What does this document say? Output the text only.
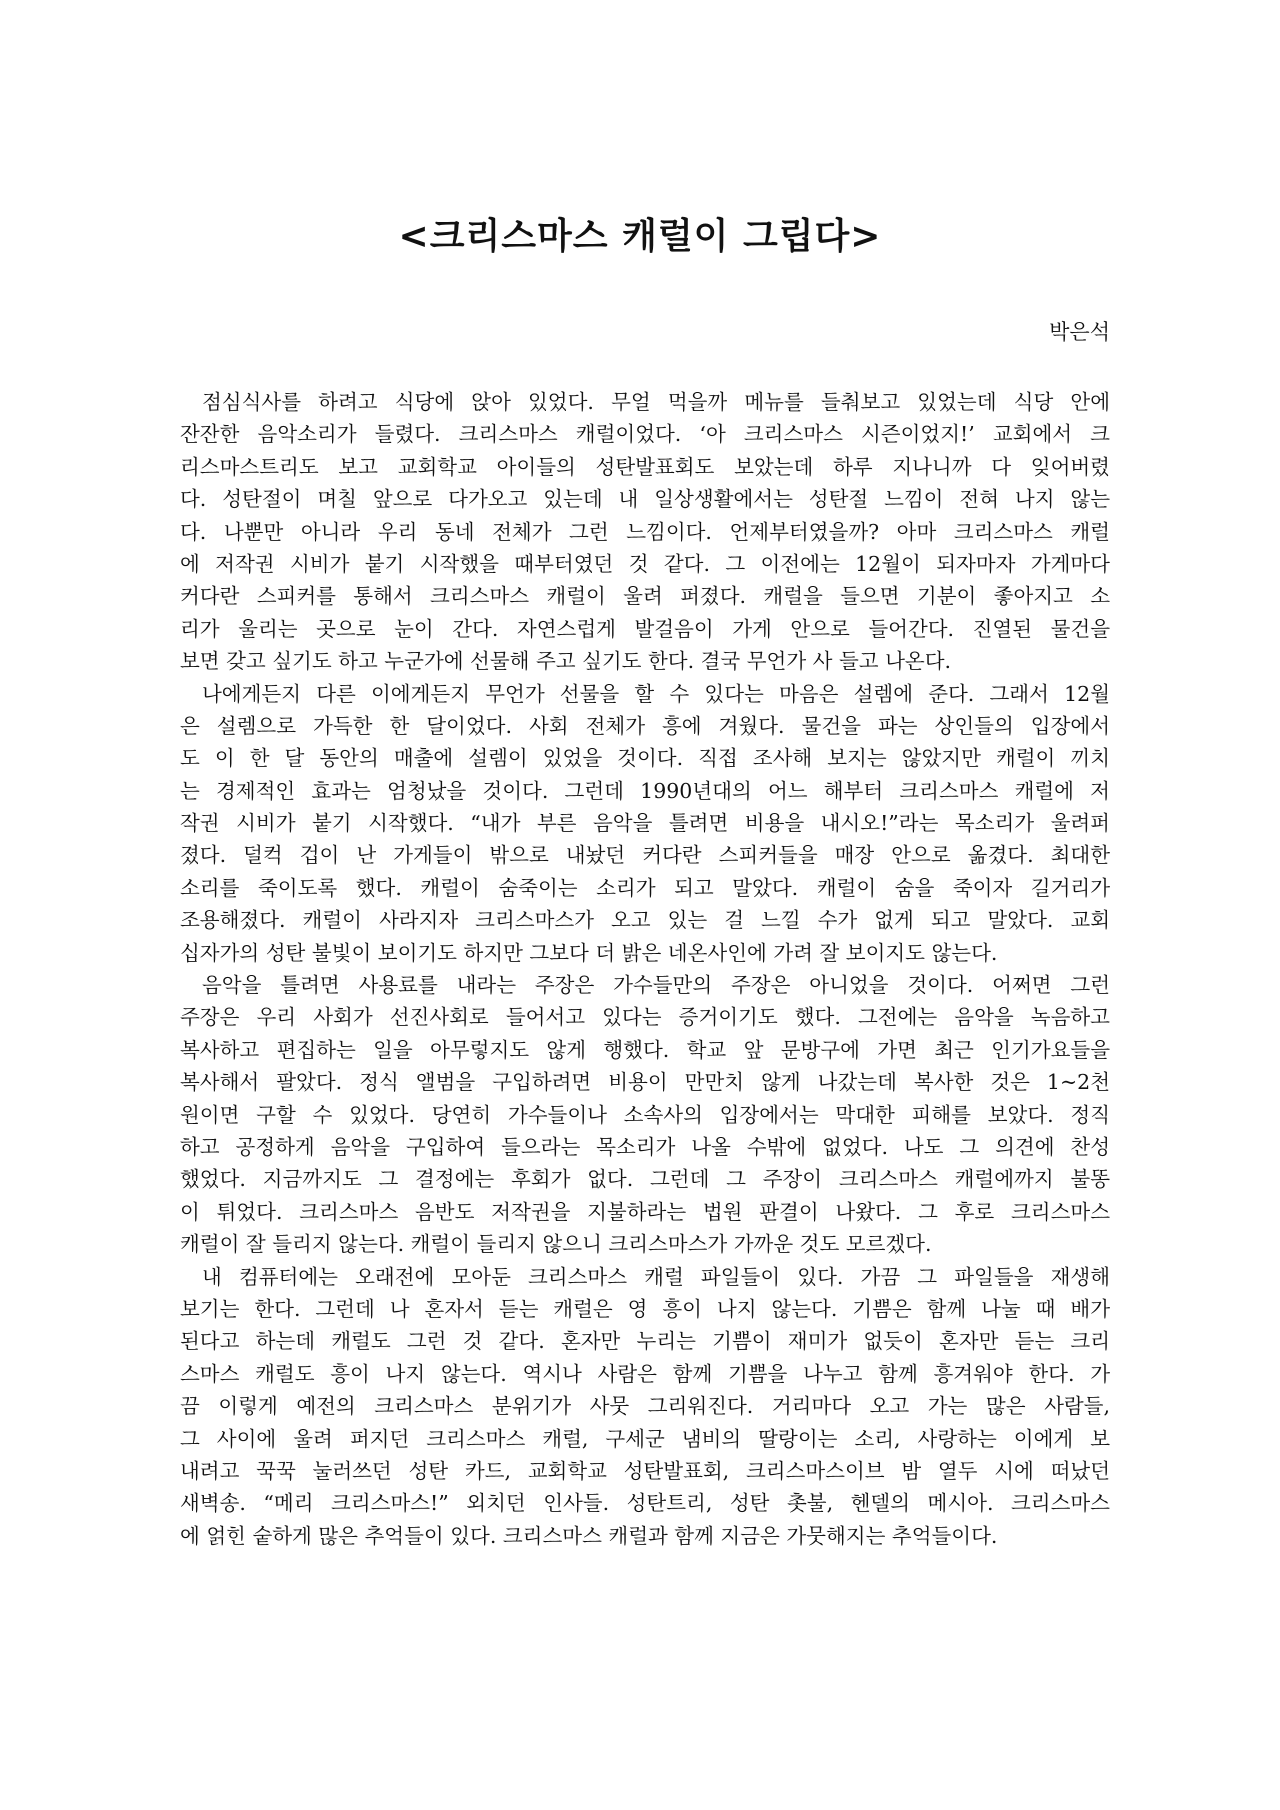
<크리스마스 캐럴이 그립다>
박은석
점심식사를 하려고 식당에 앉아 있었다. 무얼 먹을까 메뉴를 들춰보고 있었는데 식당 안에
잔잔한 음악소리가 들렸다. 크리스마스 캐럴이었다. ‘아 크리스마스 시즌이었지!’ 교회에서 크
리스마스트리도 보고 교회학교 아이들의 성탄발표회도 보았는데 하루 지나니까 다 잊어버렸
다. 성탄절이 며칠 앞으로 다가오고 있는데 내 일상생활에서는 성탄절 느낌이 전혀 나지 않는
다. 나뿐만 아니라 우리 동네 전체가 그런 느낌이다. 언제부터였을까? 아마 크리스마스 캐럴
에 저작권 시비가 붙기 시작했을 때부터였던 것 같다. 그 이전에는 12월이 되자마자 가게마다
커다란 스피커를 통해서 크리스마스 캐럴이 울려 퍼졌다. 캐럴을 들으면 기분이 좋아지고 소
리가 울리는 곳으로 눈이 간다. 자연스럽게 발걸음이 가게 안으로 들어간다. 진열된 물건을
보면 갖고 싶기도 하고 누군가에 선물해 주고 싶기도 한다. 결국 무언가 사 들고 나온다.
나에게든지 다른 이에게든지 무언가 선물을 할 수 있다는 마음은 설렘에 준다. 그래서 12월
은 설렘으로 가득한 한 달이었다. 사회 전체가 흥에 겨웠다. 물건을 파는 상인들의 입장에서
도 이 한 달 동안의 매출에 설렘이 있었을 것이다. 직접 조사해 보지는 않았지만 캐럴이 끼치
는 경제적인 효과는 엄청났을 것이다. 그런데 1990년대의 어느 해부터 크리스마스 캐럴에 저
작권 시비가 붙기 시작했다. “내가 부른 음악을 틀려면 비용을 내시오!”라는 목소리가 울려퍼
졌다. 덜컥 겁이 난 가게들이 밖으로 내놨던 커다란 스피커들을 매장 안으로 옮겼다. 최대한
소리를 죽이도록 했다. 캐럴이 숨죽이는 소리가 되고 말았다. 캐럴이 숨을 죽이자 길거리가
조용해졌다. 캐럴이 사라지자 크리스마스가 오고 있는 걸 느낄 수가 없게 되고 말았다. 교회
십자가의 성탄 불빛이 보이기도 하지만 그보다 더 밝은 네온사인에 가려 잘 보이지도 않는다.
음악을 틀려면 사용료를 내라는 주장은 가수들만의 주장은 아니었을 것이다. 어쩌면 그런
주장은 우리 사회가 선진사회로 들어서고 있다는 증거이기도 했다. 그전에는 음악을 녹음하고
복사하고 편집하는 일을 아무렇지도 않게 행했다. 학교 앞 문방구에 가면 최근 인기가요들을
복사해서 팔았다. 정식 앨범을 구입하려면 비용이 만만치 않게 나갔는데 복사한 것은 1~2천
원이면 구할 수 있었다. 당연히 가수들이나 소속사의 입장에서는 막대한 피해를 보았다. 정직
하고 공정하게 음악을 구입하여 들으라는 목소리가 나올 수밖에 없었다. 나도 그 의견에 찬성
했었다. 지금까지도 그 결정에는 후회가 없다. 그런데 그 주장이 크리스마스 캐럴에까지 불똥
이 튀었다. 크리스마스 음반도 저작권을 지불하라는 법원 판결이 나왔다. 그 후로 크리스마스
캐럴이 잘 들리지 않는다. 캐럴이 들리지 않으니 크리스마스가 가까운 것도 모르겠다.
내 컴퓨터에는 오래전에 모아둔 크리스마스 캐럴 파일들이 있다. 가끔 그 파일들을 재생해
보기는 한다. 그런데 나 혼자서 듣는 캐럴은 영 흥이 나지 않는다. 기쁨은 함께 나눌 때 배가
된다고 하는데 캐럴도 그런 것 같다. 혼자만 누리는 기쁨이 재미가 없듯이 혼자만 듣는 크리
스마스 캐럴도 흥이 나지 않는다. 역시나 사람은 함께 기쁨을 나누고 함께 흥겨워야 한다. 가
끔 이렇게 예전의 크리스마스 분위기가 사뭇 그리워진다. 거리마다 오고 가는 많은 사람들,
그 사이에 울려 퍼지던 크리스마스 캐럴, 구세군 냄비의 딸랑이는 소리, 사랑하는 이에게 보
내려고 꾹꾹 눌러쓰던 성탄 카드, 교회학교 성탄발표회, 크리스마스이브 밤 열두 시에 떠났던
새벽송. “메리 크리스마스!” 외치던 인사들. 성탄트리, 성탄 촛불, 헨델의 메시아. 크리스마스
에 얽힌 숱하게 많은 추억들이 있다. 크리스마스 캐럴과 함께 지금은 가뭇해지는 추억들이다.
